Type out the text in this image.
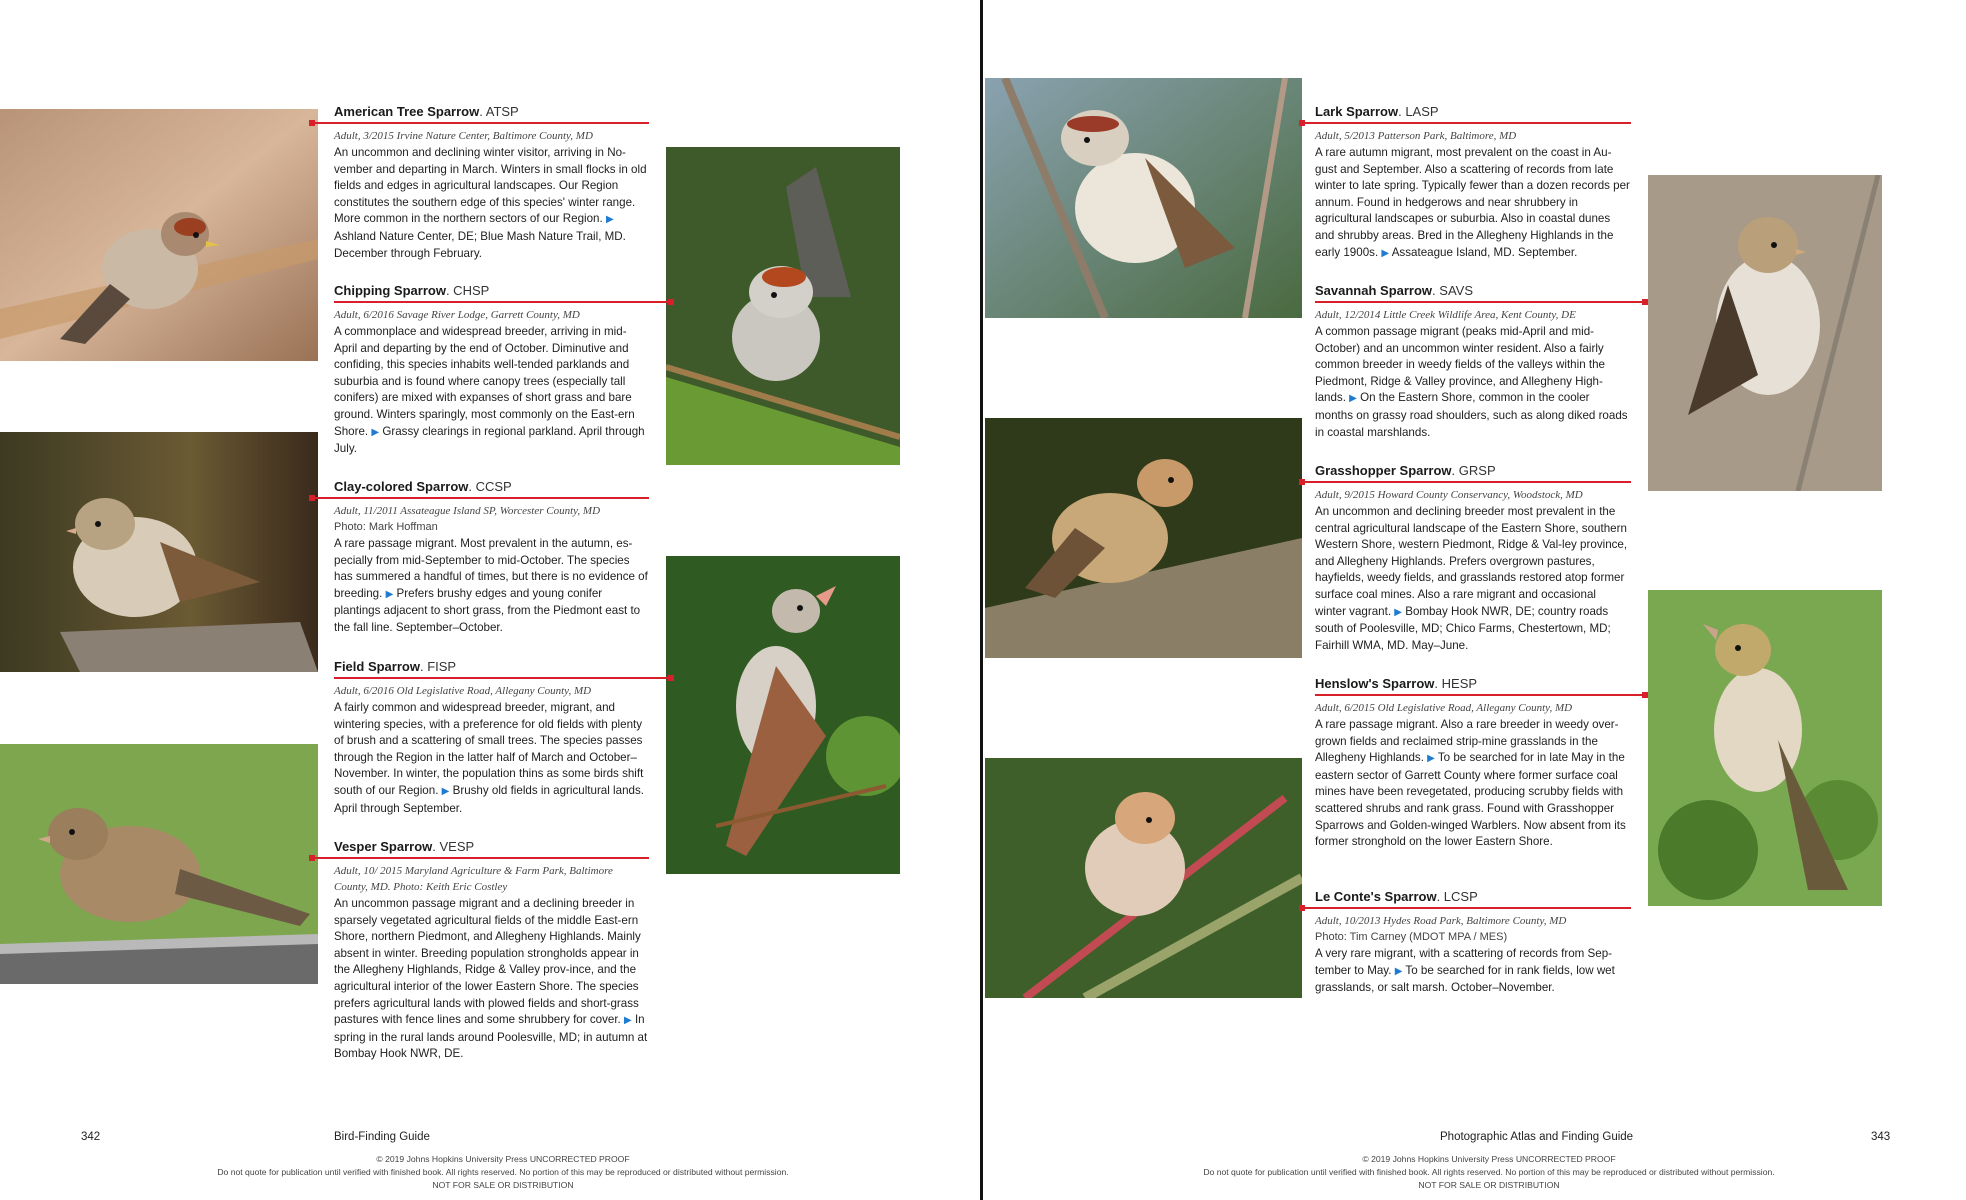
American Tree Sparrow. ATSP
Adult, 3/2015 Irvine Nature Center, Baltimore County, MD
An uncommon and declining winter visitor, arriving in No-vember and departing in March. Winters in small flocks in old fields and edges in agricultural landscapes. Our Region constitutes the southern edge of this species' winter range. More common in the northern sectors of our Region. ▶ Ashland Nature Center, DE; Blue Mash Nature Trail, MD. December through February.
Chipping Sparrow. CHSP
Adult, 6/2016 Savage River Lodge, Garrett County, MD
A commonplace and widespread breeder, arriving in mid-April and departing by the end of October. Diminutive and confiding, this species inhabits well-tended parklands and suburbia and is found where canopy trees (especially tall conifers) are mixed with expanses of short grass and bare ground. Winters sparingly, most commonly on the East-ern Shore. ▶ Grassy clearings in regional parkland. April through July.
Clay-colored Sparrow. CCSP
Adult, 11/2011 Assateague Island SP, Worcester County, MD
Photo: Mark Hoffman
A rare passage migrant. Most prevalent in the autumn, es-pecially from mid-September to mid-October. The species has summered a handful of times, but there is no evidence of breeding. ▶ Prefers brushy edges and young conifer plantings adjacent to short grass, from the Piedmont east to the fall line. September–October.
Field Sparrow. FISP
Adult, 6/2016 Old Legislative Road, Allegany County, MD
A fairly common and widespread breeder, migrant, and wintering species, with a preference for old fields with plenty of brush and a scattering of small trees. The species passes through the Region in the latter half of March and October–November. In winter, the population thins as some birds shift south of our Region. ▶ Brushy old fields in agricultural lands. April through September.
Vesper Sparrow. VESP
Adult, 10/ 2015 Maryland Agriculture & Farm Park, Baltimore County, MD. Photo: Keith Eric Costley
An uncommon passage migrant and a declining breeder in sparsely vegetated agricultural fields of the middle East-ern Shore, northern Piedmont, and Allegheny Highlands. Mainly absent in winter. Breeding population strongholds appear in the Allegheny Highlands, Ridge & Valley prov-ince, and the agricultural interior of the lower Eastern Shore. The species prefers agricultural lands with plowed fields and short-grass pastures with fence lines and some shrubbery for cover. ▶ In spring in the rural lands around Poolesville, MD; in autumn at Bombay Hook NWR, DE.
342	Bird-Finding Guide
© 2019 Johns Hopkins University Press UNCORRECTED PROOF
Do not quote for publication until verified with finished book. All rights reserved. No portion of this may be reproduced or distributed without permission.
NOT FOR SALE OR DISTRIBUTION
Lark Sparrow. LASP
Adult, 5/2013 Patterson Park, Baltimore, MD
A rare autumn migrant, most prevalent on the coast in Au-gust and September. Also a scattering of records from late winter to late spring. Typically fewer than a dozen records per annum. Found in hedgerows and near shrubbery in agricultural landscapes or suburbia. Also in coastal dunes and shrubby areas. Bred in the Allegheny Highlands in the early 1900s. ▶ Assateague Island, MD. September.
Savannah Sparrow. SAVS
Adult, 12/2014 Little Creek Wildlife Area, Kent County, DE
A common passage migrant (peaks mid-April and mid-October) and an uncommon winter resident. Also a fairly common breeder in weedy fields of the valleys within the Piedmont, Ridge & Valley province, and Allegheny High-lands. ▶ On the Eastern Shore, common in the cooler months on grassy road shoulders, such as along diked roads in coastal marshlands.
Grasshopper Sparrow. GRSP
Adult, 9/2015 Howard County Conservancy, Woodstock, MD
An uncommon and declining breeder most prevalent in the central agricultural landscape of the Eastern Shore, southern Western Shore, western Piedmont, Ridge & Val-ley province, and Allegheny Highlands. Prefers overgrown pastures, hayfields, weedy fields, and grasslands restored atop former surface coal mines. Also a rare migrant and occasional winter vagrant. ▶ Bombay Hook NWR, DE; country roads south of Poolesville, MD; Chico Farms, Chestertown, MD; Fairhill WMA, MD. May–June.
Henslow's Sparrow. HESP
Adult, 6/2015 Old Legislative Road, Allegany County, MD
A rare passage migrant. Also a rare breeder in weedy over-grown fields and reclaimed strip-mine grasslands in the Allegheny Highlands. ▶ To be searched for in late May in the eastern sector of Garrett County where former surface coal mines have been revegetated, producing scrubby fields with scattered shrubs and rank grass. Found with Grasshopper Sparrows and Golden-winged Warblers. Now absent from its former stronghold on the lower Eastern Shore.
Le Conte's Sparrow. LCSP
Adult, 10/2013 Hydes Road Park, Baltimore County, MD
Photo: Tim Carney (MDOT MPA / MES)
A very rare migrant, with a scattering of records from Sep-tember to May. ▶ To be searched for in rank fields, low wet grasslands, or salt marsh. October–November.
Photographic Atlas and Finding Guide	343
© 2019 Johns Hopkins University Press UNCORRECTED PROOF
Do not quote for publication until verified with finished book. All rights reserved. No portion of this may be reproduced or distributed without permission.
NOT FOR SALE OR DISTRIBUTION
